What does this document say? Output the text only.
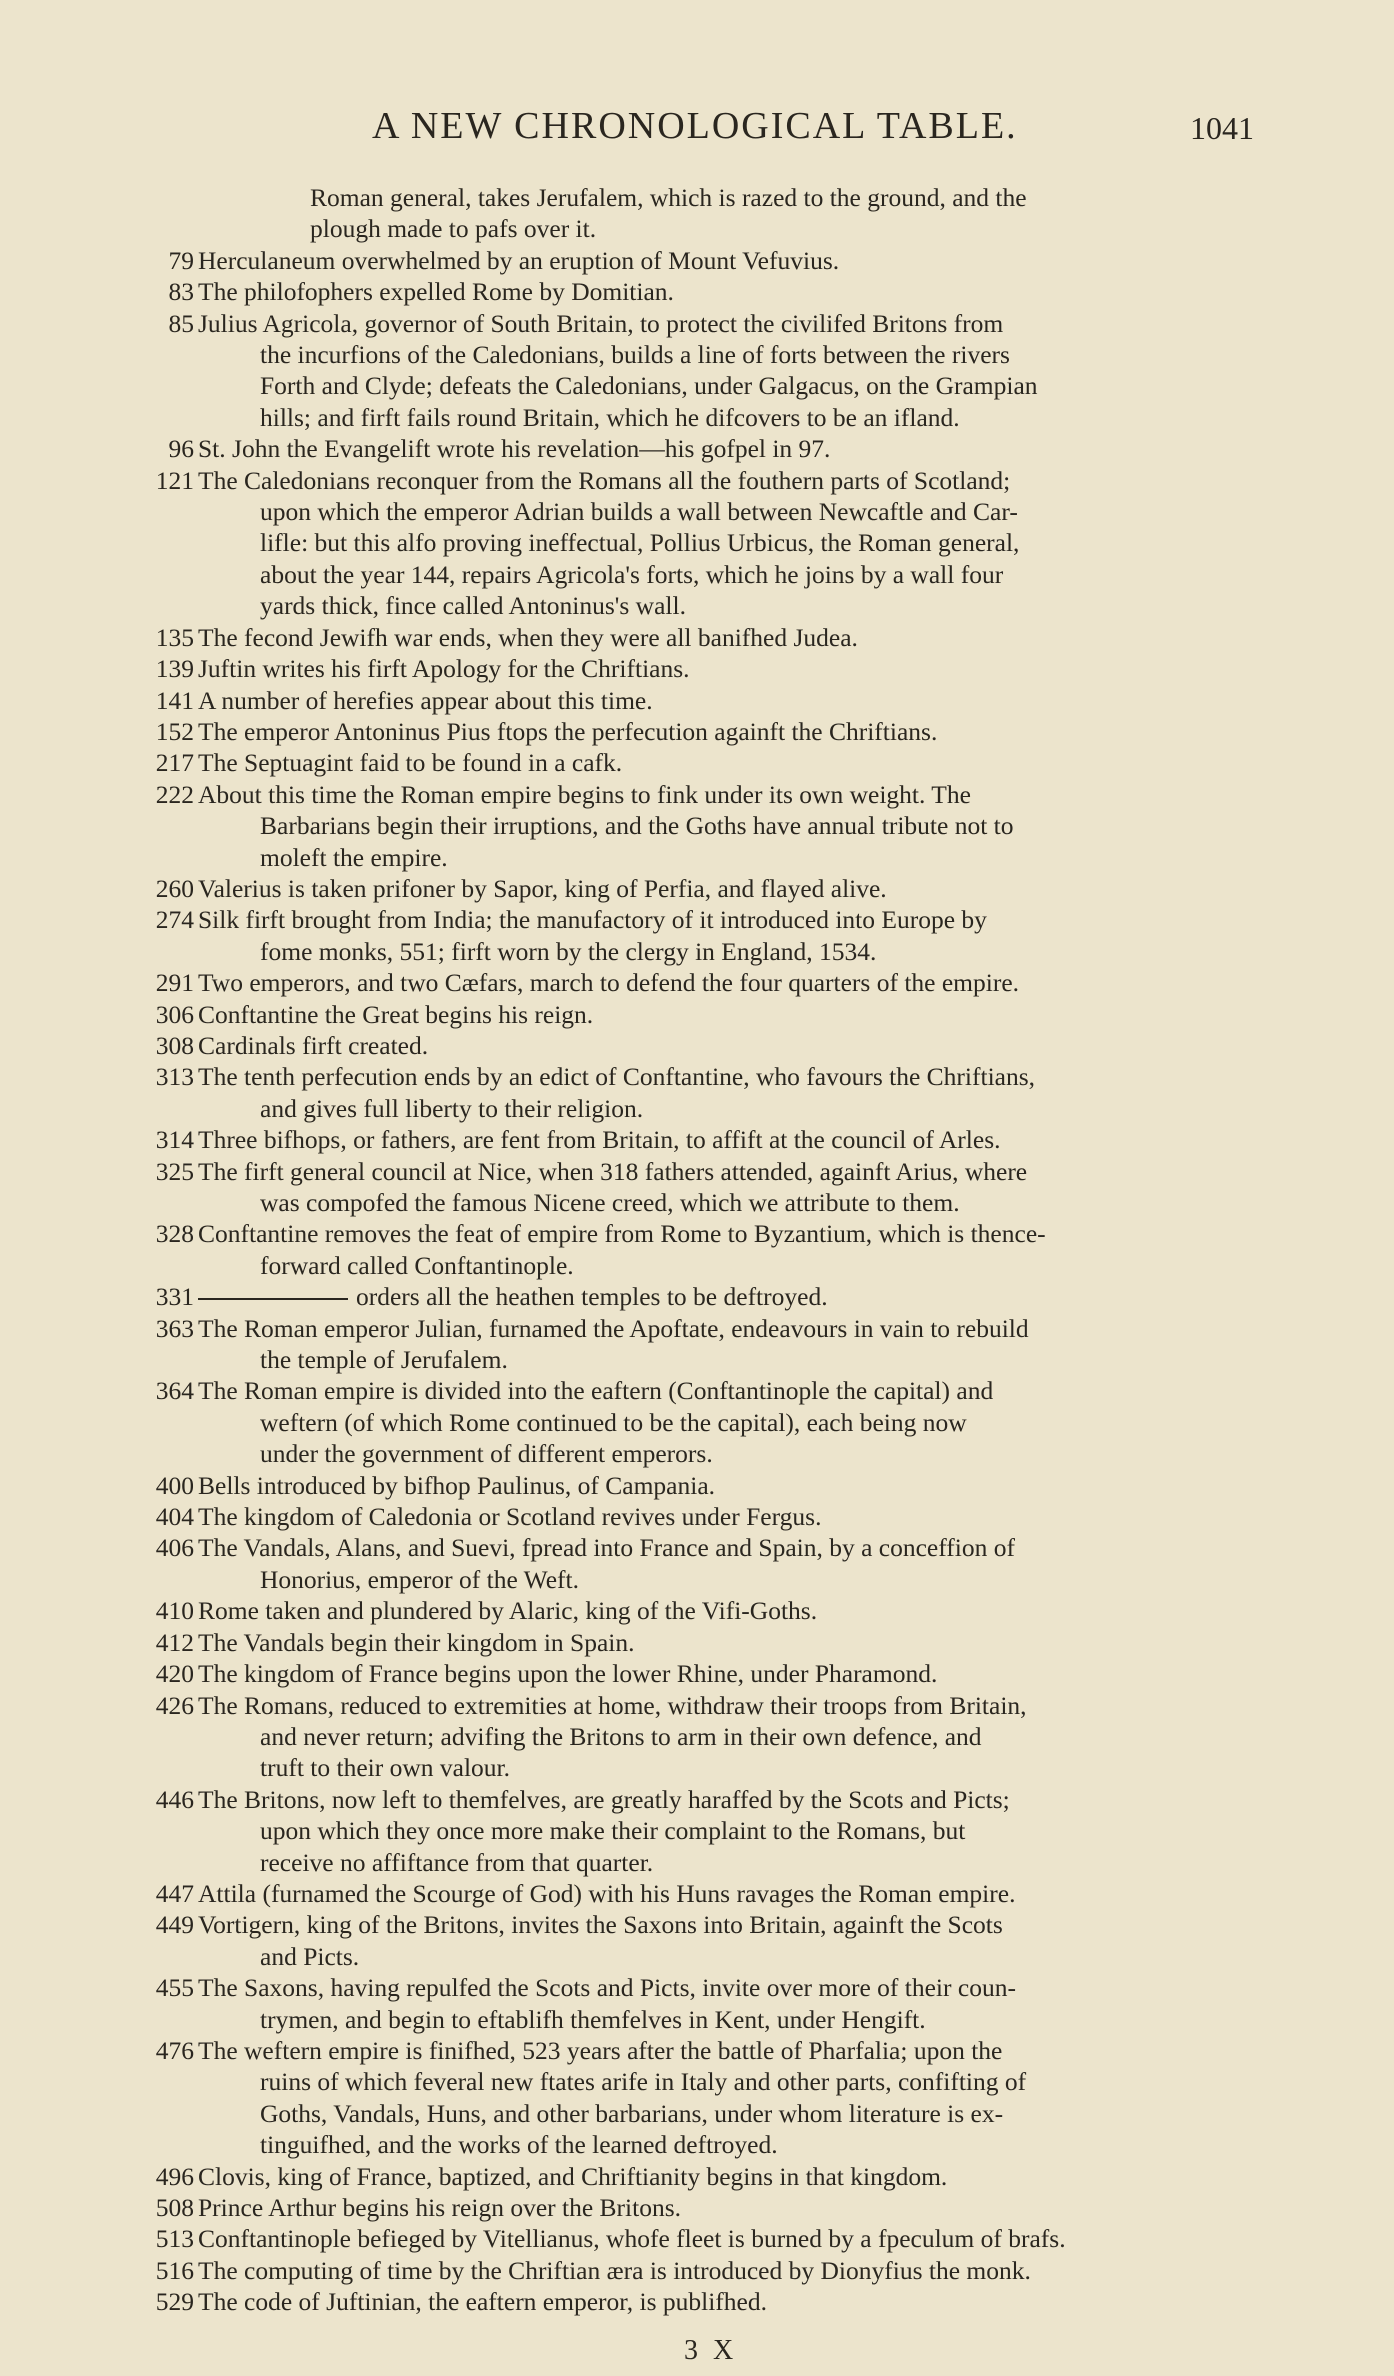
A NEW CHRONOLOGICAL TABLE.	1041
Roman general, takes Jerufalem, which is razed to the ground, and the
plough made to pafs over it.
79 Herculaneum overwhelmed by an eruption of Mount Vefuvius.
83 The philofophers expelled Rome by Domitian.
85 Julius Agricola, governor of South Britain, to protect the civilifed Britons from
the incurfions of the Caledonians, builds a line of forts between the rivers
Forth and Clyde; defeats the Caledonians, under Galgacus, on the Grampian
hills; and firft fails round Britain, which he difcovers to be an ifland.
96 St. John the Evangelift wrote his revelation—his gofpel in 97.
121 The Caledonians reconquer from the Romans all the fouthern parts of Scotland;
upon which the emperor Adrian builds a wall between Newcaftle and Car-
lifle: but this alfo proving ineffectual, Pollius Urbicus, the Roman general,
about the year 144, repairs Agricola's forts, which he joins by a wall four
yards thick, fince called Antoninus's wall.
135 The fecond Jewifh war ends, when they were all banifhed Judea.
139 Juftin writes his firft Apology for the Chriftians.
141 A number of herefies appear about this time.
152 The emperor Antoninus Pius ftops the perfecution againft the Chriftians.
217 The Septuagint faid to be found in a cafk.
222 About this time the Roman empire begins to fink under its own weight. The
Barbarians begin their irruptions, and the Goths have annual tribute not to
moleft the empire.
260 Valerius is taken prifoner by Sapor, king of Perfia, and flayed alive.
274 Silk firft brought from India; the manufactory of it introduced into Europe by
fome monks, 551; firft worn by the clergy in England, 1534.
291 Two emperors, and two Cæfars, march to defend the four quarters of the empire.
306 Conftantine the Great begins his reign.
308 Cardinals firft created.
313 The tenth perfecution ends by an edict of Conftantine, who favours the Chriftians,
and gives full liberty to their religion.
314 Three bifhops, or fathers, are fent from Britain, to affift at the council of Arles.
325 The firft general council at Nice, when 318 fathers attended, againft Arius, where
was compofed the famous Nicene creed, which we attribute to them.
328 Conftantine removes the feat of empire from Rome to Byzantium, which is thence-
forward called Conftantinople.
331	orders all the heathen temples to be deftroyed.
363 The Roman emperor Julian, furnamed the Apoftate, endeavours in vain to rebuild
the temple of Jerufalem.
364 The Roman empire is divided into the eaftern (Conftantinople the capital) and
weftern (of which Rome continued to be the capital), each being now
under the government of different emperors.
400 Bells introduced by bifhop Paulinus, of Campania.
404 The kingdom of Caledonia or Scotland revives under Fergus.
406 The Vandals, Alans, and Suevi, fpread into France and Spain, by a conceffion of
Honorius, emperor of the Weft.
410 Rome taken and plundered by Alaric, king of the Vifi-Goths.
412 The Vandals begin their kingdom in Spain.
420 The kingdom of France begins upon the lower Rhine, under Pharamond.
426 The Romans, reduced to extremities at home, withdraw their troops from Britain,
and never return; advifing the Britons to arm in their own defence, and
truft to their own valour.
446 The Britons, now left to themfelves, are greatly haraffed by the Scots and Picts;
upon which they once more make their complaint to the Romans, but
receive no affiftance from that quarter.
447 Attila (furnamed the Scourge of God) with his Huns ravages the Roman empire.
449 Vortigern, king of the Britons, invites the Saxons into Britain, againft the Scots
and Picts.
455 The Saxons, having repulfed the Scots and Picts, invite over more of their coun-
trymen, and begin to eftablifh themfelves in Kent, under Hengift.
476 The weftern empire is finifhed, 523 years after the battle of Pharfalia; upon the
ruins of which feveral new ftates arife in Italy and other parts, confifting of
Goths, Vandals, Huns, and other barbarians, under whom literature is ex-
tinguifhed, and the works of the learned deftroyed.
496 Clovis, king of France, baptized, and Chriftianity begins in that kingdom.
508 Prince Arthur begins his reign over the Britons.
513 Conftantinople befieged by Vitellianus, whofe fleet is burned by a fpeculum of brafs.
516 The computing of time by the Chriftian æra is introduced by Dionyfius the monk.
529 The code of Juftinian, the eaftern emperor, is publifhed.
3 X
